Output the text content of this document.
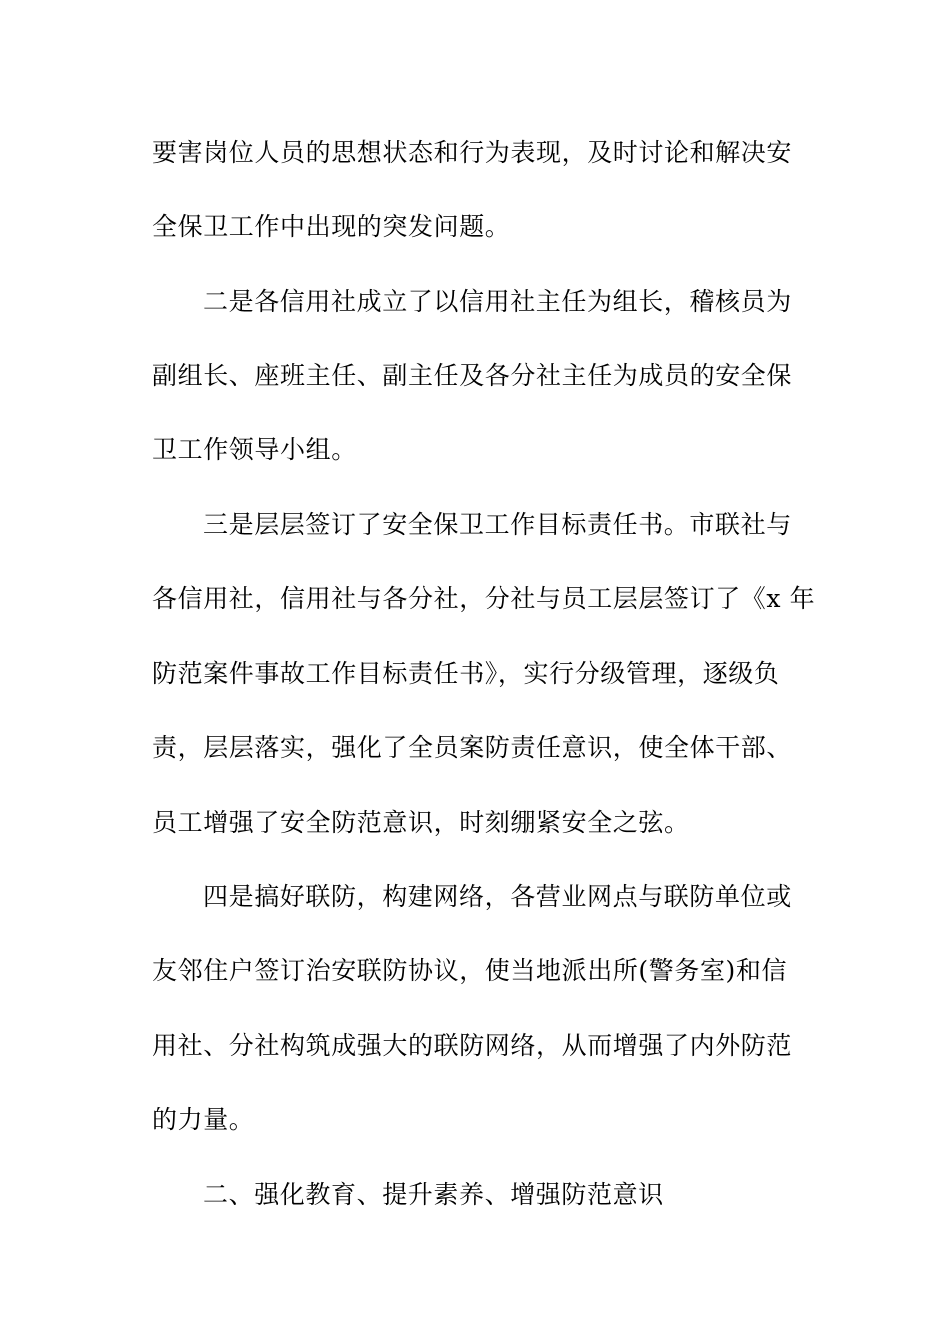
要害岗位人员的思想状态和行为表现，及时讨论和解决安
全保卫工作中出现的突发问题。
二是各信用社成立了以信用社主任为组长，稽核员为
副组长、座班主任、副主任及各分社主任为成员的安全保
卫工作领导小组。
三是层层签订了安全保卫工作目标责任书。市联社与
各信用社，信用社与各分社，分社与员工层层签订了《x 年
防范案件事故工作目标责任书》，实行分级管理，逐级负
责，层层落实，强化了全员案防责任意识，使全体干部、
员工增强了安全防范意识，时刻绷紧安全之弦。
四是搞好联防，构建网络，各营业网点与联防单位或
友邻住户签订治安联防协议，使当地派出所(警务室)和信
用社、分社构筑成强大的联防网络，从而增强了内外防范
的力量。
二、强化教育、提升素养、增强防范意识
